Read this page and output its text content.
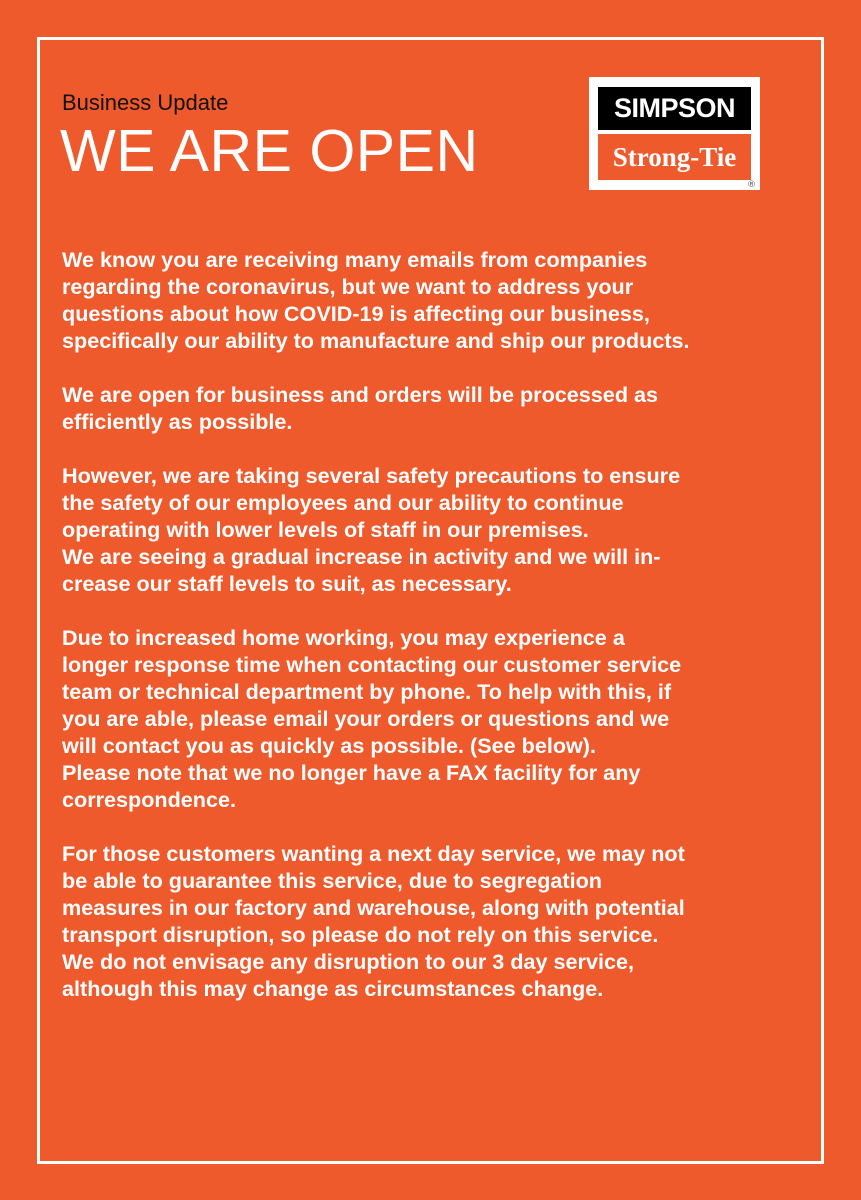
Business Update
WE ARE OPEN
SIMPSON
Strong-Tie
®
We know you are receiving many emails from companies
regarding the coronavirus, but we want to address your
questions about how COVID-19 is affecting our business,
specifically our ability to manufacture and ship our products.
We are open for business and orders will be processed as
efficiently as possible.
However, we are taking several safety precautions to ensure
the safety of our employees and our ability to continue
operating with lower levels of staff in our premises.
We are seeing a gradual increase in activity and we will in-
crease our staff levels to suit, as necessary.
Due to increased home working, you may experience a
longer response time when contacting our customer service
team or technical department by phone. To help with this, if
you are able, please email your orders or questions and we
will contact you as quickly as possible. (See below).
Please note that we no longer have a FAX facility for any
correspondence.
For those customers wanting a next day service, we may not
be able to guarantee this service, due to segregation
measures in our factory and warehouse, along with potential
transport disruption, so please do not rely on this service.
We do not envisage any disruption to our 3 day service,
although this may change as circumstances change.
